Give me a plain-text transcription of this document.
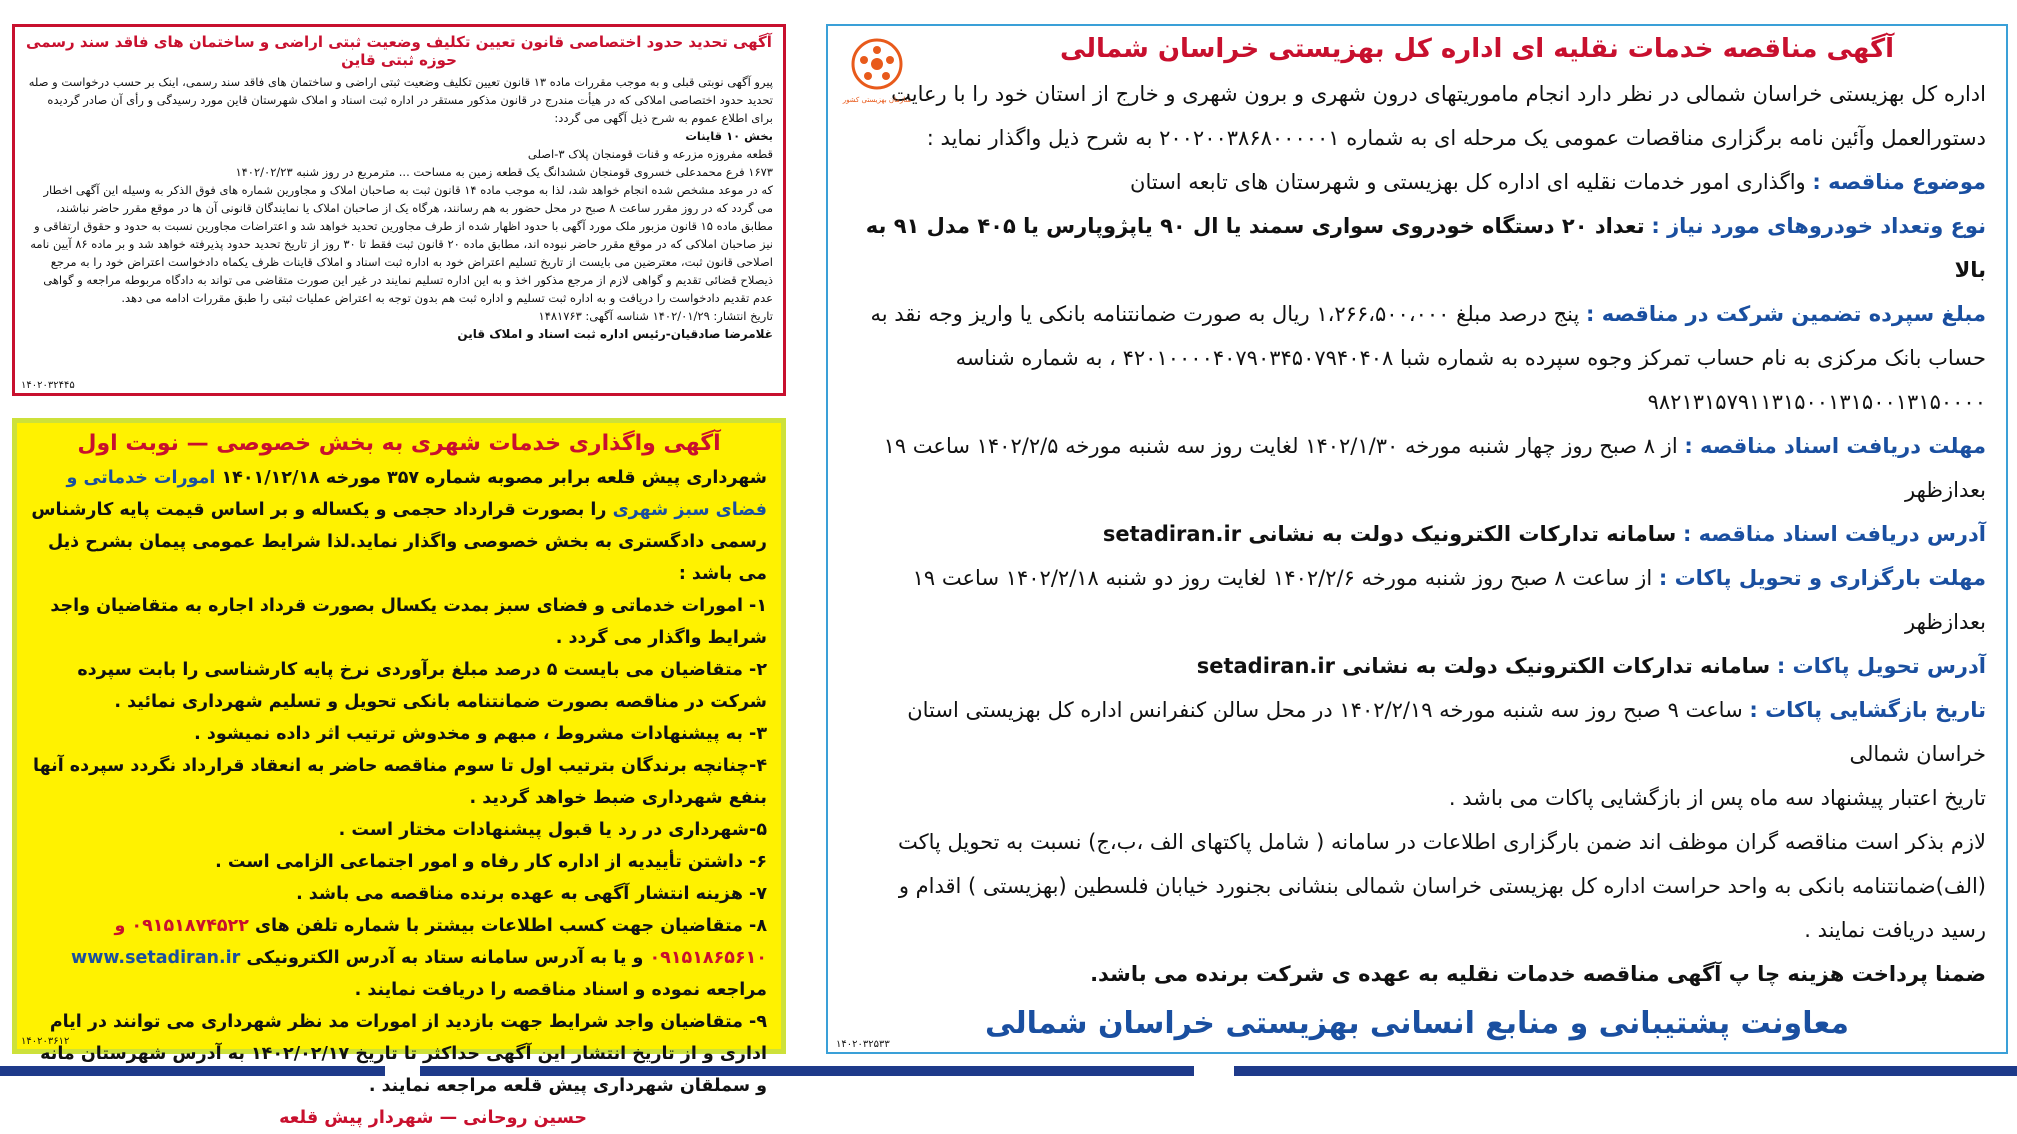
آگهی تحدید حدود اختصاصی قانون تعیین تکلیف وضعیت ثبتی اراضی و ساختمان های فاقد سند رسمی حوزه ثبتی قاین

پیرو آگهی نوبتی قبلی و به موجب مقررات ماده ۱۳ قانون تعیین تکلیف وضعیت ثبتی اراضی و ساختمان های فاقد سند رسمی، اینک بر حسب درخواست و صله تحدید حدود اختصاصی املاکی که در هیأت مندرج در قانون مذکور مستقر در اداره ثبت اسناد و املاک شهرستان قاین مورد رسیدگی و رأی آن صادر گردیده برای اطلاع عموم به شرح ذیل آگهی می گردد:

بخش ۱۰ قاینات

قطعه مفروزه مزرعه و قنات قومنجان پلاک ۳-اصلی

۱۶۷۳ فرع محمدعلی خسروی قومنجان ششدانگ یک قطعه زمین به مساحت ... مترمربع در روز شنبه ۱۴۰۲/۰۲/۲۳

که در موعد مشخص شده انجام خواهد شد، لذا به موجب ماده ۱۴ قانون ثبت به صاحبان املاک و مجاورین شماره های فوق الذکر به وسیله این آگهی اخطار می گردد که در روز مقرر ساعت ۸ صبح در محل حضور به هم رسانند، هرگاه یک از صاحبان املاک یا نمایندگان قانونی آن ها در موقع مقرر حاضر نباشند، مطابق ماده ۱۵ قانون مزبور ملک مورد آگهی با حدود اظهار شده از طرف مجاورین تحدید خواهد شد و اعتراضات مجاورین نسبت به حدود و حقوق ارتفاقی و نیز صاحبان املاکی که در موقع مقرر حاضر نبوده اند، مطابق ماده ۲۰ قانون ثبت فقط تا ۳۰ روز از تاریخ تحدید حدود پذیرفته خواهد شد و بر ماده ۸۶ آیین نامه اصلاحی قانون ثبت، معترضین می بایست از تاریخ تسلیم اعتراض خود به اداره ثبت اسناد و املاک قاینات ظرف یکماه دادخواست اعتراض خود را به مرجع ذیصلاح قضائی تقدیم و گواهی لازم از مرجع مذکور اخذ و به این اداره تسلیم نمایند در غیر این صورت متقاضی می تواند به دادگاه مربوطه مراجعه و گواهی عدم تقدیم دادخواست را دریافت و به اداره ثبت تسلیم و اداره ثبت هم بدون توجه به اعتراض عملیات ثبتی را طبق مقررات ادامه می دهد.

تاریخ انتشار: ۱۴۰۲/۰۱/۲۹ شناسه آگهی: ۱۴۸۱۷۶۳

غلامرضا صادقیان-رئیس اداره ثبت اسناد و املاک قاین

۱۴۰۲۰۳۲۴۴۵
آگهی واگذاری خدمات شهری به بخش خصوصی — نوبت اول

شهرداری پیش قلعه برابر مصوبه شماره ۳۵۷ مورخه ۱۴۰۱/۱۲/۱۸ امورات خدماتی و فضای سبز شهری را بصورت قرارداد حجمی و یکساله و بر اساس قیمت پایه کارشناس رسمی دادگستری به بخش خصوصی واگذار نماید.لذا شرایط عمومی پیمان بشرح ذیل می باشد :

۱- امورات خدماتی و فضای سبز بمدت یکسال بصورت قرداد اجاره به متقاضیان واجد شرایط واگذار می گردد .

۲- متقاضیان می بایست ۵ درصد مبلغ برآوردی نرخ پایه کارشناسی را بابت سپرده شرکت در مناقصه بصورت ضمانتنامه بانکی تحویل و تسلیم شهرداری نمائید .

۳- به پیشنهادات مشروط ، مبهم و مخدوش ترتیب اثر داده نمیشود .

۴-چنانچه برندگان بترتیب اول تا سوم مناقصه حاضر به انعقاد قرارداد نگردد سپرده آنها بنفع شهرداری ضبط خواهد گردید .

۵-شهرداری در رد یا قبول پیشنهادات مختار است .

۶- داشتن تأییدیه از اداره کار رفاه و امور اجتماعی الزامی است .

۷- هزینه انتشار آگهی به عهده برنده مناقصه می باشد .

۸- متقاضیان جهت کسب اطلاعات بیشتر با شماره تلفن های ۰۹۱۵۱۸۷۴۵۲۲ و ۰۹۱۵۱۸۶۵۶۱۰ و یا به آدرس سامانه ستاد به آدرس الکترونیکی www.setadiran.ir مراجعه نموده و اسناد مناقصه را دریافت نمایند .

۹- متقاضیان واجد شرایط جهت بازدید از امورات مد نظر شهرداری می توانند در ایام اداری و از تاریخ انتشار این آگهی حداکثر تا تاریخ ۱۴۰۲/۰۲/۱۷ به آدرس شهرستان مانه و سملقان شهرداری پیش قلعه مراجعه نمایند .

حسین روحانی — شهردار پیش قلعه

۱۴۰۲۰۳۶۱۲
سازمان بهزیستی کشور
آگهی مناقصه خدمات نقلیه ای اداره کل بهزیستی خراسان شمالی

اداره کل بهزیستی خراسان شمالی در نظر دارد انجام ماموریتهای درون شهری و برون شهری و خارج از استان خود را با رعایت دستورالعمل وآئین نامه برگزاری مناقصات عمومی یک مرحله ای به شماره ۲۰۰۲۰۰۳۸۶۸۰۰۰۰۰۱ به شرح ذیل واگذار نماید :

موضوع مناقصه : واگذاری امور خدمات نقلیه ای اداره کل بهزیستی و شهرستان های تابعه استان

نوع وتعداد خودروهای مورد نیاز : تعداد ۲۰ دستگاه خودروی سواری سمند یا ال ۹۰ یاپژوپارس یا ۴۰۵ مدل ۹۱ به بالا

مبلغ سپرده تضمین شرکت در مناقصه : پنج درصد مبلغ ۱،۲۶۶،۵۰۰،۰۰۰ ریال به صورت ضمانتنامه بانکی یا واریز وجه نقد به حساب بانک مرکزی به نام حساب تمرکز وجوه سپرده به شماره شبا ۴۲۰۱۰۰۰۰۴۰۷۹۰۳۴۵۰۷۹۴۰۴۰۸ ، به شماره شناسه ۹۸۲۱۳۱۵۷۹۱۱۳۱۵۰۰۱۳۱۵۰۰۱۳۱۵۰۰۰۰

مهلت دریافت اسناد مناقصه : از ۸ صبح روز چهار شنبه مورخه ۱۴۰۲/۱/۳۰ لغایت روز سه شنبه مورخه ۱۴۰۲/۲/۵ ساعت ۱۹ بعدازظهر

آدرس دریافت اسناد مناقصه : سامانه تدارکات الکترونیک دولت به نشانی setadiran.ir

مهلت بارگزاری و تحویل پاکات : از ساعت ۸ صبح روز شنبه مورخه ۱۴۰۲/۲/۶ لغایت روز دو شنبه ۱۴۰۲/۲/۱۸ ساعت ۱۹ بعدازظهر

آدرس تحویل پاکات : سامانه تدارکات الکترونیک دولت به نشانی setadiran.ir

تاریخ بازگشایی پاکات : ساعت ۹ صبح روز سه شنبه مورخه ۱۴۰۲/۲/۱۹ در محل سالن کنفرانس اداره کل بهزیستی استان خراسان شمالی

تاریخ اعتبار پیشنهاد سه ماه پس از بازگشایی پاکات می باشد .

لازم بذکر است مناقصه گران موظف اند ضمن بارگزاری اطلاعات در سامانه ( شامل پاکتهای الف ،ب،ج) نسبت به تحویل پاکت (الف)ضمانتنامه بانکی به واحد حراست اداره کل بهزیستی خراسان شمالی بنشانی بجنورد خیابان فلسطین (بهزیستی ) اقدام و رسید دریافت نمایند .

ضمنا پرداخت هزینه چا پ آگهی مناقصه خدمات نقلیه به عهده ی شرکت برنده می باشد.

معاونت پشتیبانی و منابع انسانی بهزیستی خراسان شمالی
۱۴۰۲۰۳۲۵۳۳
